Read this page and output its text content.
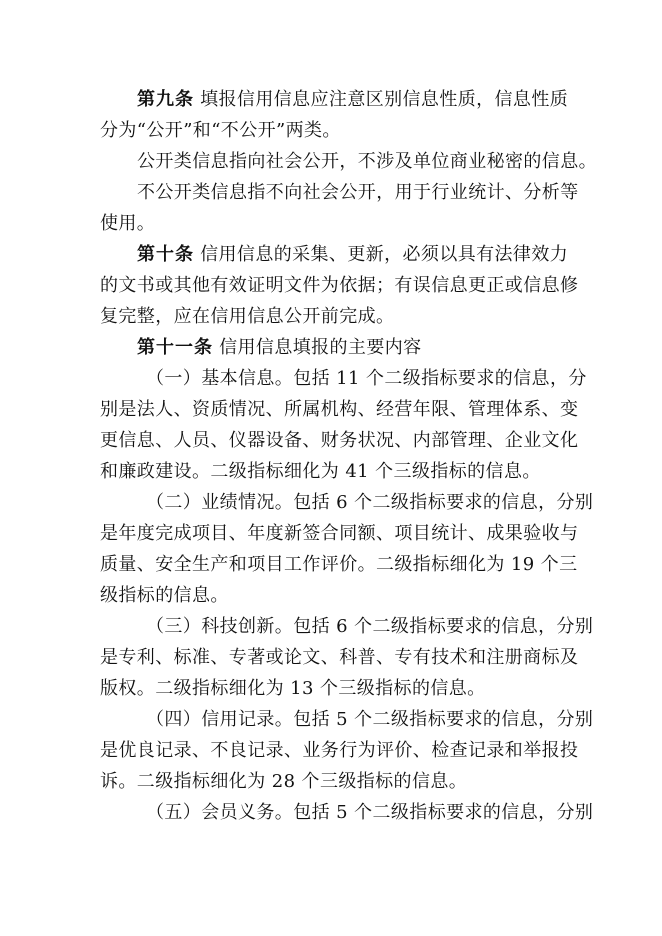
第九条 填报信用信息应注意区别信息性质，信息性质
分为“公开”和“不公开”两类。
公开类信息指向社会公开，不涉及单位商业秘密的信息。
不公开类信息指不向社会公开，用于行业统计、分析等
使用。
第十条 信用信息的采集、更新，必须以具有法律效力
的文书或其他有效证明文件为依据；有误信息更正或信息修
复完整，应在信用信息公开前完成。
第十一条 信用信息填报的主要内容
（一）基本信息。包括 11 个二级指标要求的信息，分
别是法人、资质情况、所属机构、经营年限、管理体系、变
更信息、人员、仪器设备、财务状况、内部管理、企业文化
和廉政建设。二级指标细化为 41 个三级指标的信息。
（二）业绩情况。包括 6 个二级指标要求的信息，分别
是年度完成项目、年度新签合同额、项目统计、成果验收与
质量、安全生产和项目工作评价。二级指标细化为 19 个三
级指标的信息。
（三）科技创新。包括 6 个二级指标要求的信息，分别
是专利、标准、专著或论文、科普、专有技术和注册商标及
版权。二级指标细化为 13 个三级指标的信息。
（四）信用记录。包括 5 个二级指标要求的信息，分别
是优良记录、不良记录、业务行为评价、检查记录和举报投
诉。二级指标细化为 28 个三级指标的信息。
（五）会员义务。包括 5 个二级指标要求的信息，分别
